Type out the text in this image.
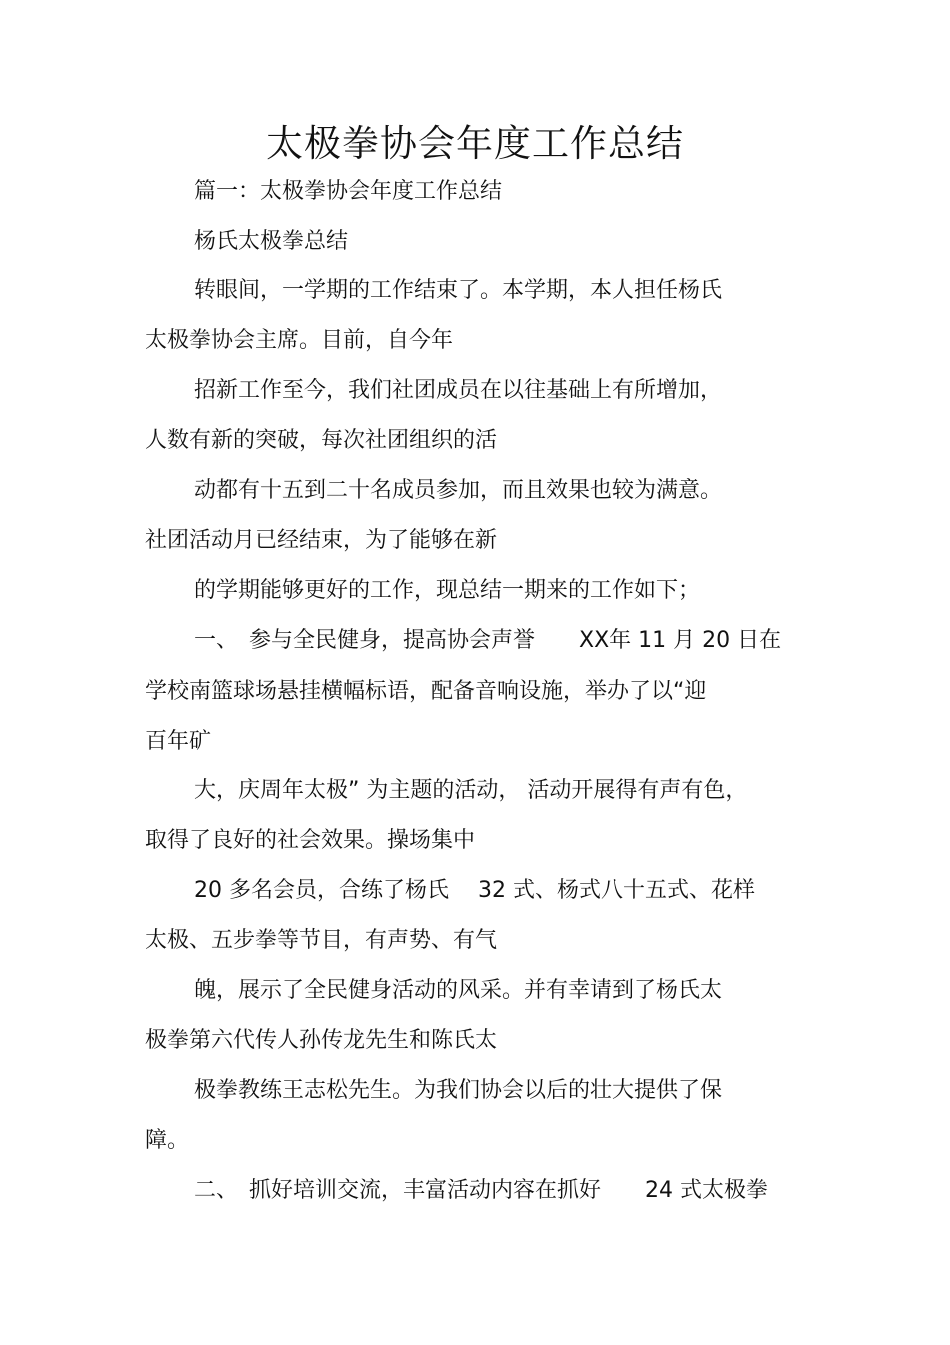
太极拳协会年度工作总结
篇一：太极拳协会年度工作总结
杨氏太极拳总结
转眼间，一学期的工作结束了。本学期，本人担任杨氏
太极拳协会主席。目前，自今年
招新工作至今，我们社团成员在以往基础上有所增加，
人数有新的突破，每次社团组织的活
动都有十五到二十名成员参加，而且效果也较为满意。
社团活动月已经结束，为了能够在新
的学期能够更好的工作，现总结一期来的工作如下；
一、　参与全民健身，提高协会声誉　　XX年 11 月 20 日在
学校南篮球场悬挂横幅标语，配备音响设施，举办了以“迎
百年矿
大，庆周年太极” 为主题的活动， 活动开展得有声有色，
取得了良好的社会效果。操场集中
20 多名会员，合练了杨氏　 32 式、杨式八十五式、花样
太极、五步拳等节目，有声势、有气
魄，展示了全民健身活动的风采。并有幸请到了杨氏太
极拳第六代传人孙传龙先生和陈氏太
极拳教练王志松先生。为我们协会以后的壮大提供了保
障。
二、　抓好培训交流，丰富活动内容在抓好　　24 式太极拳
